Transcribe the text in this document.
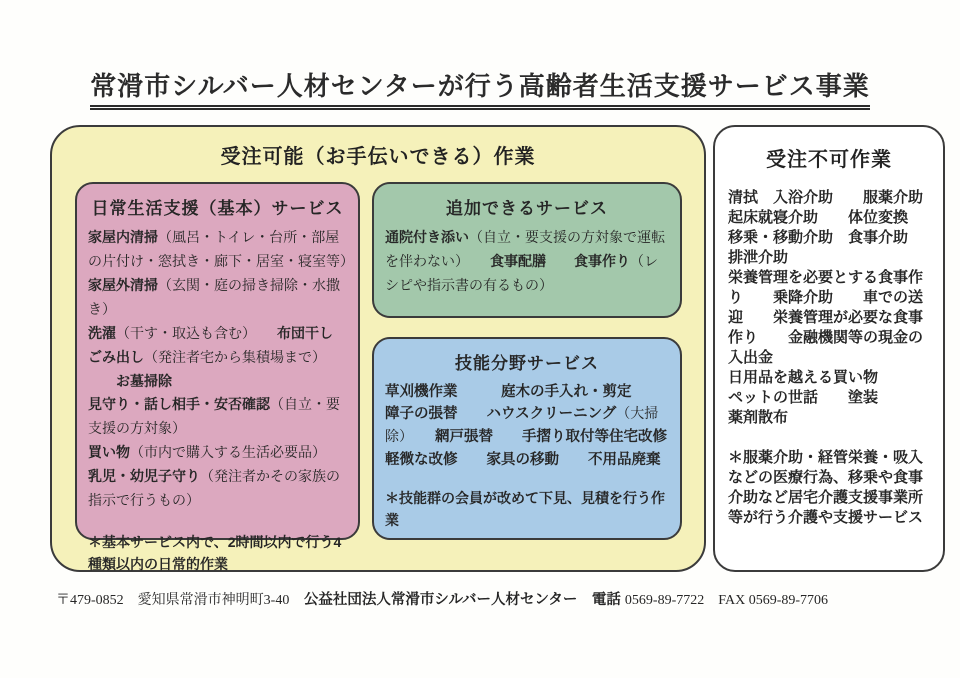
常滑市シルバー人材センターが行う高齢者生活支援サービス事業
受注可能（お手伝いできる）作業
日常生活支援（基本）サービス
家屋内清掃（風呂・トイレ・台所・部屋の片付け・窓拭き・廊下・居室・寝室等）
家屋外清掃（玄関・庭の掃き掃除・水撒き）
洗濯（干す・取込も含む）　　布団干し
ごみ出し（発注者宅から集積場まで）
　　お墓掃除
見守り・話し相手・安否確認（自立・要支援の方対象）
買い物（市内で購入する生活必要品）
乳児・幼児子守り（発注者かその家族の指示で行うもの）
＊基本サービス内で、2時間以内で行う4種類以内の日常的作業
追加できるサービス
通院付き添い（自立・要支援の方対象で運転を伴わない）　　食事配膳　　食事作り（レシピや指示書の有るもの）
技能分野サービス
草刈機作業　　　庭木の手入れ・剪定　　障子の張替　　ハウスクリーニング（大掃除）　　網戸張替　　手摺り取付等住宅改修　　軽微な改修　　家具の移動　　不用品廃棄
＊技能群の会員が改めて下見、見積を行う作業
受注不可作業
清拭　入浴介助　　服薬介助　　起床就寝介助　　体位変換　　移乗・移動介助　食事介助　　排泄介助
栄養管理を必要とする食事作り　　乗降介助　　車での送迎　　栄養管理が必要な食事作り　　金融機関等の現金の入出金
日用品を越える買い物
ペットの世話　　塗装
薬剤散布
＊服薬介助・経管栄養・吸入などの医療行為、移乗や食事介助など居宅介護支援事業所等が行う介護や支援サービス
〒479-0852　愛知県常滑市神明町3-40　公益社団法人常滑市シルバー人材センター　電話 0569-89-7722　FAX 0569-89-7706
